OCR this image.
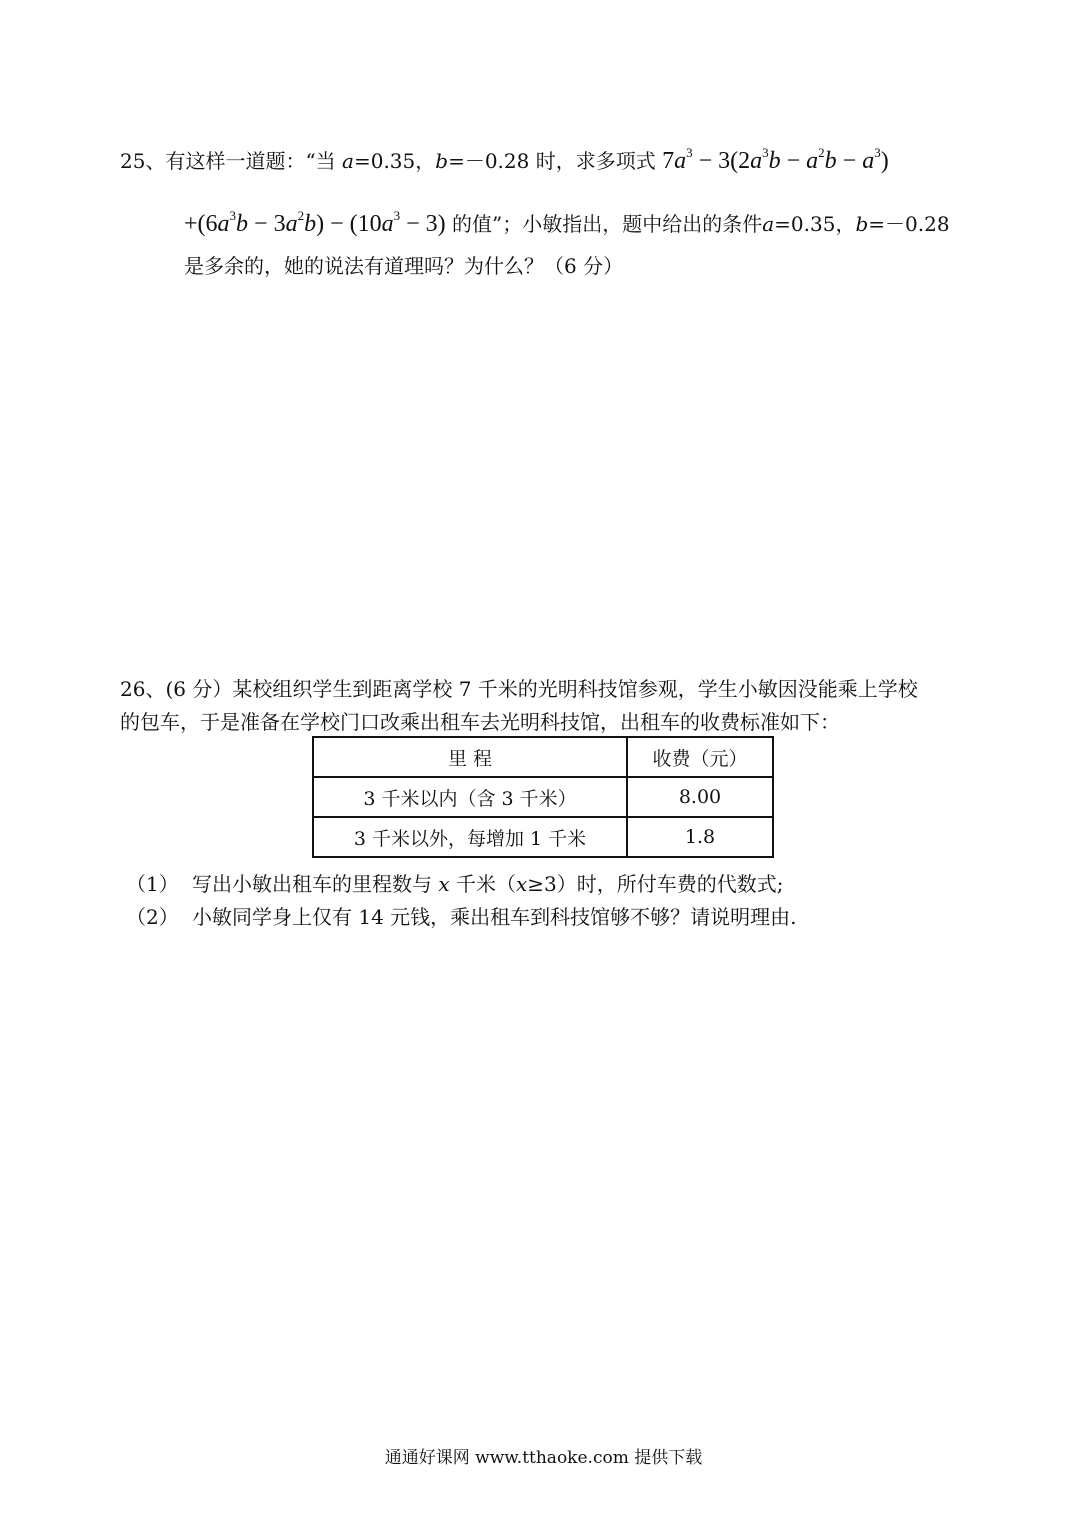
25、有这样一道题：“当 a=0.35，b=－0.28 时，求多项式 $7a^3 - 3(2a^3b - a^2b - a^3)$
$+(6a^3b - 3a^2b) - (10a^3 - 3)$ 的值”；小敏指出，题中给出的条件a=0.35，b=－0.28
是多余的，她的说法有道理吗？为什么？（6 分）
26、(6 分）某校组织学生到距离学校 7 千米的光明科技馆参观，学生小敏因没能乘上学校
的包车，于是准备在学校门口改乘出租车去光明科技馆，出租车的收费标准如下：
里 程	收费（元）
3 千米以内（含 3 千米）	8.00
3 千米以外，每增加 1 千米	1.8
（1） 写出小敏出租车的里程数与 x 千米（x≥3）时，所付车费的代数式;
（2） 小敏同学身上仅有 14 元钱，乘出租车到科技馆够不够？请说明理由.
通通好课网 www.tthaoke.com 提供下载
